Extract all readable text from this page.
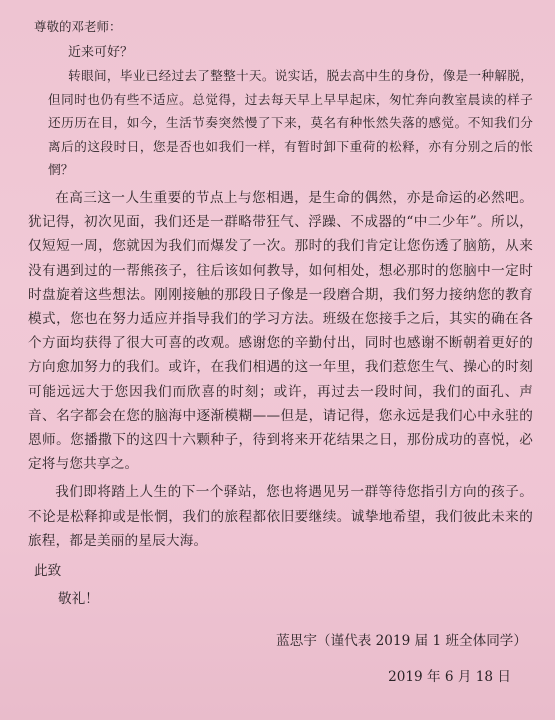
尊敬的邓老师：

近来可好？

转眼间，毕业已经过去了整整十天。说实话，脱去高中生的身份，像是一种解脱，但同时也仍有些不适应。总觉得，过去每天早上早早起床，匆忙奔向教室晨读的样子还历历在目，如今，生活节奏突然慢了下来，莫名有种怅然失落的感觉。不知我们分离后的这段时日，您是否也如我们一样，有暂时卸下重荷的松释，亦有分别之后的怅惘？

在高三这一人生重要的节点上与您相遇，是生命的偶然，亦是命运的必然吧。犹记得，初次见面，我们还是一群略带狂气、浮躁、不成器的“中二少年”。所以，仅短短一周，您就因为我们而爆发了一次。那时的我们肯定让您伤透了脑筋，从来没有遇到过的一帮熊孩子，往后该如何教导，如何相处，想必那时的您脑中一定时时盘旋着这些想法。刚刚接触的那段日子像是一段磨合期，我们努力接纳您的教育模式，您也在努力适应并指导我们的学习方法。班级在您接手之后，其实的确在各个方面均获得了很大可喜的改观。感谢您的辛勤付出，同时也感谢不断朝着更好的方向愈加努力的我们。或许，在我们相遇的这一年里，我们惹您生气、操心的时刻可能远远大于您因我们而欣喜的时刻；或许，再过去一段时间，我们的面孔、声音、名字都会在您的脑海中逐渐模糊——但是，请记得，您永远是我们心中永驻的恩师。您播撒下的这四十六颗种子，待到将来开花结果之日，那份成功的喜悦，必定将与您共享之。

我们即将踏上人生的下一个驿站，您也将遇见另一群等待您指引方向的孩子。不论是松释抑或是怅惘，我们的旅程都依旧要继续。诚挚地希望，我们彼此未来的旅程，都是美丽的星辰大海。

此致

敬礼！

蓝思宇（谨代表 2019 届 1 班全体同学）

2019 年 6 月 18 日
